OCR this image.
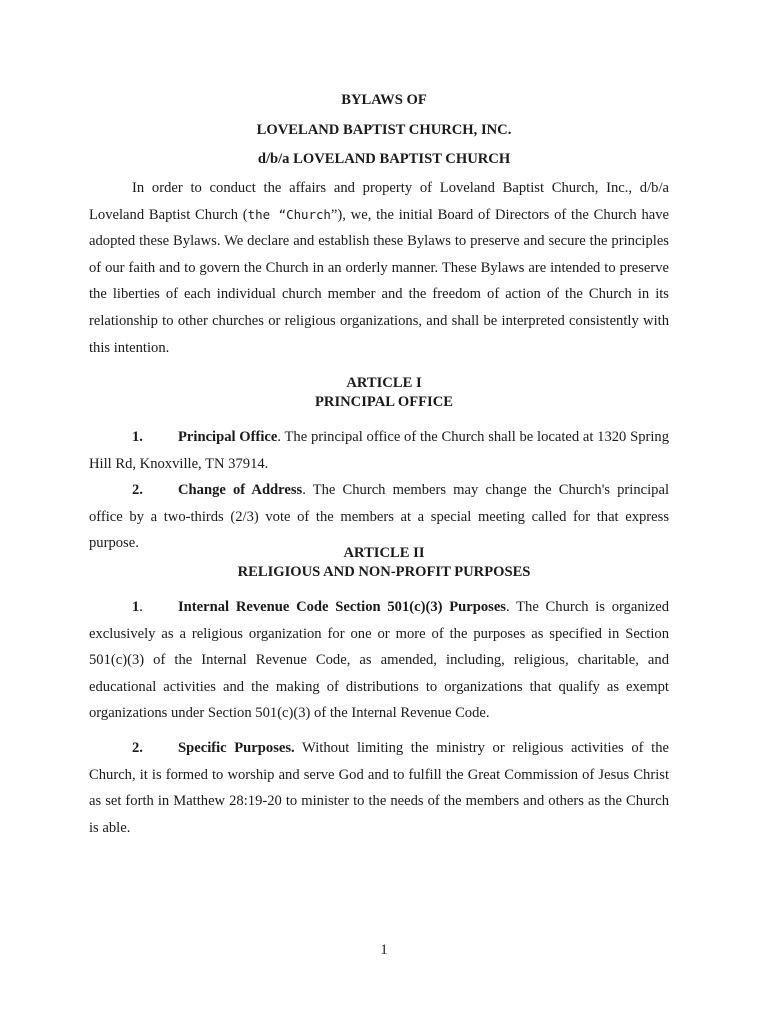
BYLAWS OF
LOVELAND BAPTIST CHURCH, INC.
d/b/a LOVELAND BAPTIST CHURCH

In order to conduct the affairs and property of Loveland Baptist Church, Inc., d/b/a Loveland Baptist Church (the “Church”), we, the initial Board of Directors of the Church have adopted these Bylaws. We declare and establish these Bylaws to preserve and secure the principles of our faith and to govern the Church in an orderly manner. These Bylaws are intended to preserve the liberties of each individual church member and the freedom of action of the Church in its relationship to other churches or religious organizations, and shall be interpreted consistently with this intention.

ARTICLE I
PRINCIPAL OFFICE

1. Principal Office. The principal office of the Church shall be located at 1320 Spring Hill Rd, Knoxville, TN 37914.

2. Change of Address. The Church members may change the Church's principal office by a two-thirds (2/3) vote of the members at a special meeting called for that express purpose.

ARTICLE II
RELIGIOUS AND NON-PROFIT PURPOSES

1. Internal Revenue Code Section 501(c)(3) Purposes. The Church is organized exclusively as a religious organization for one or more of the purposes as specified in Section 501(c)(3) of the Internal Revenue Code, as amended, including, religious, charitable, and educational activities and the making of distributions to organizations that qualify as exempt organizations under Section 501(c)(3) of the Internal Revenue Code.

2. Specific Purposes. Without limiting the ministry or religious activities of the Church, it is formed to worship and serve God and to fulfill the Great Commission of Jesus Christ as set forth in Matthew 28:19-20 to minister to the needs of the members and others as the Church is able.

1
